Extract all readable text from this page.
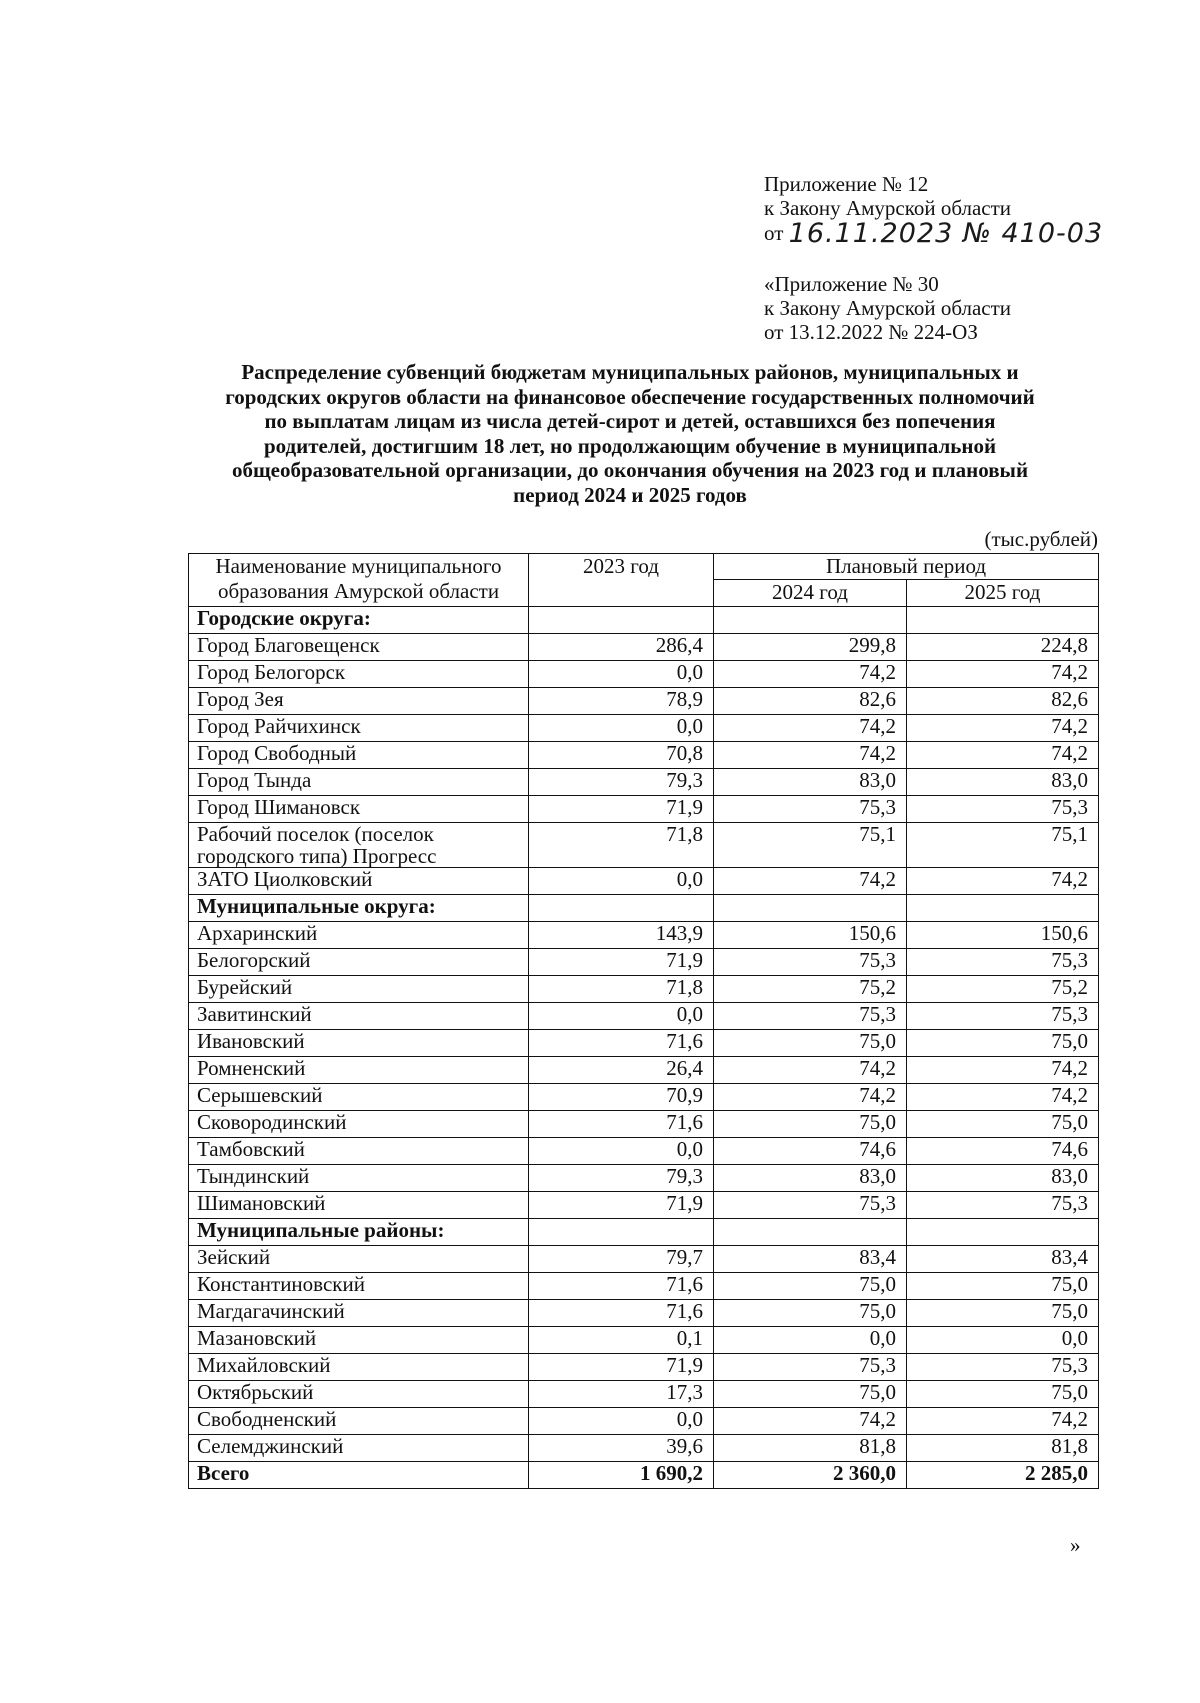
Приложение № 12
к Закону Амурской области
от 16.11.2023 № 410-03
«Приложение № 30
к Закону Амурской области
от 13.12.2022 № 224-ОЗ
Распределение субвенций бюджетам муниципальных районов, муниципальных и
городских округов области на финансовое обеспечение государственных полномочий
по выплатам лицам из числа детей-сирот и детей, оставшихся без попечения
родителей, достигшим 18 лет, но продолжающим обучение в муниципальной
общеобразовательной организации, до окончания обучения на 2023 год и плановый
период 2024 и 2025 годов
(тыс.рублей)
Наименование муниципального образования Амурской области	2023 год	Плановый период	
		2024 год	2025 год
Городские округа:			
Город Благовещенск	286,4	299,8	224,8
Город Белогорск	0,0	74,2	74,2
Город Зея	78,9	82,6	82,6
Город Райчихинск	0,0	74,2	74,2
Город Свободный	70,8	74,2	74,2
Город Тында	79,3	83,0	83,0
Город Шимановск	71,9	75,3	75,3
Рабочий поселок (поселок городского типа) Прогресс	71,8	75,1	75,1
ЗАТО Циолковский	0,0	74,2	74,2
Муниципальные округа:			
Архаринский	143,9	150,6	150,6
Белогорский	71,9	75,3	75,3
Бурейский	71,8	75,2	75,2
Завитинский	0,0	75,3	75,3
Ивановский	71,6	75,0	75,0
Ромненский	26,4	74,2	74,2
Серышевский	70,9	74,2	74,2
Сковородинский	71,6	75,0	75,0
Тамбовский	0,0	74,6	74,6
Тындинский	79,3	83,0	83,0
Шимановский	71,9	75,3	75,3
Муниципальные районы:			
Зейский	79,7	83,4	83,4
Константиновский	71,6	75,0	75,0
Магдагачинский	71,6	75,0	75,0
Мазановский	0,1	0,0	0,0
Михайловский	71,9	75,3	75,3
Октябрьский	17,3	75,0	75,0
Свободненский	0,0	74,2	74,2
Селемджинский	39,6	81,8	81,8
Всего	1 690,2	2 360,0	2 285,0
»
